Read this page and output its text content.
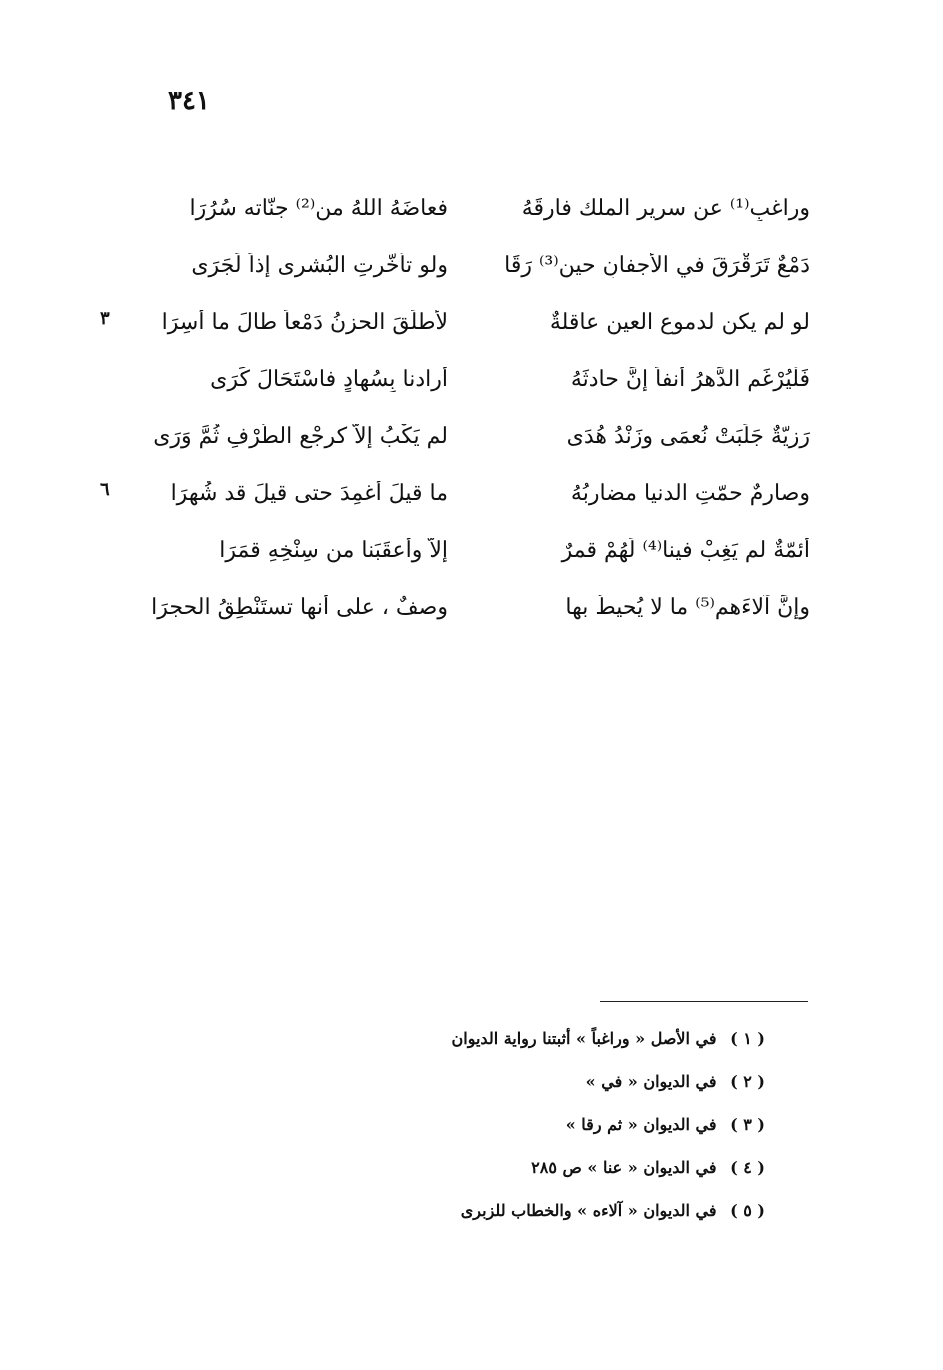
٣٤١
وراغبٍ⁽¹⁾ عن سريرِ الملك فارقَهُ
فعاضَهُ اللهُ من⁽²⁾ جنّاته سُرُرَا
دَمْعٌ تَرَقْرَقَ في الأجفانِ حين⁽³⁾ رَقَا
ولو تأخّرتِ البُشرى إذاً لَجَرَى
لو لم يكن لدموعِ العينِ عاقلةٌ
لأطلَقَ الحزنُ دَمْعاً طالَ ما أُسِرَا
٣
فَلْيُرْغَمِ الدَّهرُ أنفاً إنَّ حادثَهُ
أرادنا بِسُهادٍ فاسْتَحَالَ كَرَى
رَزِيّةٌ جَلَبَتْ نُعمَى وزَنْدُ هُدَى
لم يَكْبُ إلاّ كرجْعِ الطَّرْفِ ثُمَّ وَرَى
وصارمٌ حمّتِ الدنيا مضارِبُهُ
ما قيلَ أُغمِدَ حتى قيلَ قد شُهِرَا
٦
أئمّةٌ لم يَغِبْ فينا⁽⁴⁾ لَهُمْ قمرٌ
إلاّ وأعقَبَنا من سِنْخِهِ قمَرَا
وإنَّ آلاءَهم⁽⁵⁾ ما لا يُحيطُ بها
وصفٌ ، على أنها تستَنْطِقُ الحجرَا
( ١ ) في الأصل « وراغباً » أثبتنا رواية الديوان
( ٢ ) في الديوان « في »
( ٣ ) في الديوان « ثم رقا »
( ٤ ) في الديوان « عنا » ص ٢٨٥
( ٥ ) في الديوان « آلاءه » والخطاب للزبرى
